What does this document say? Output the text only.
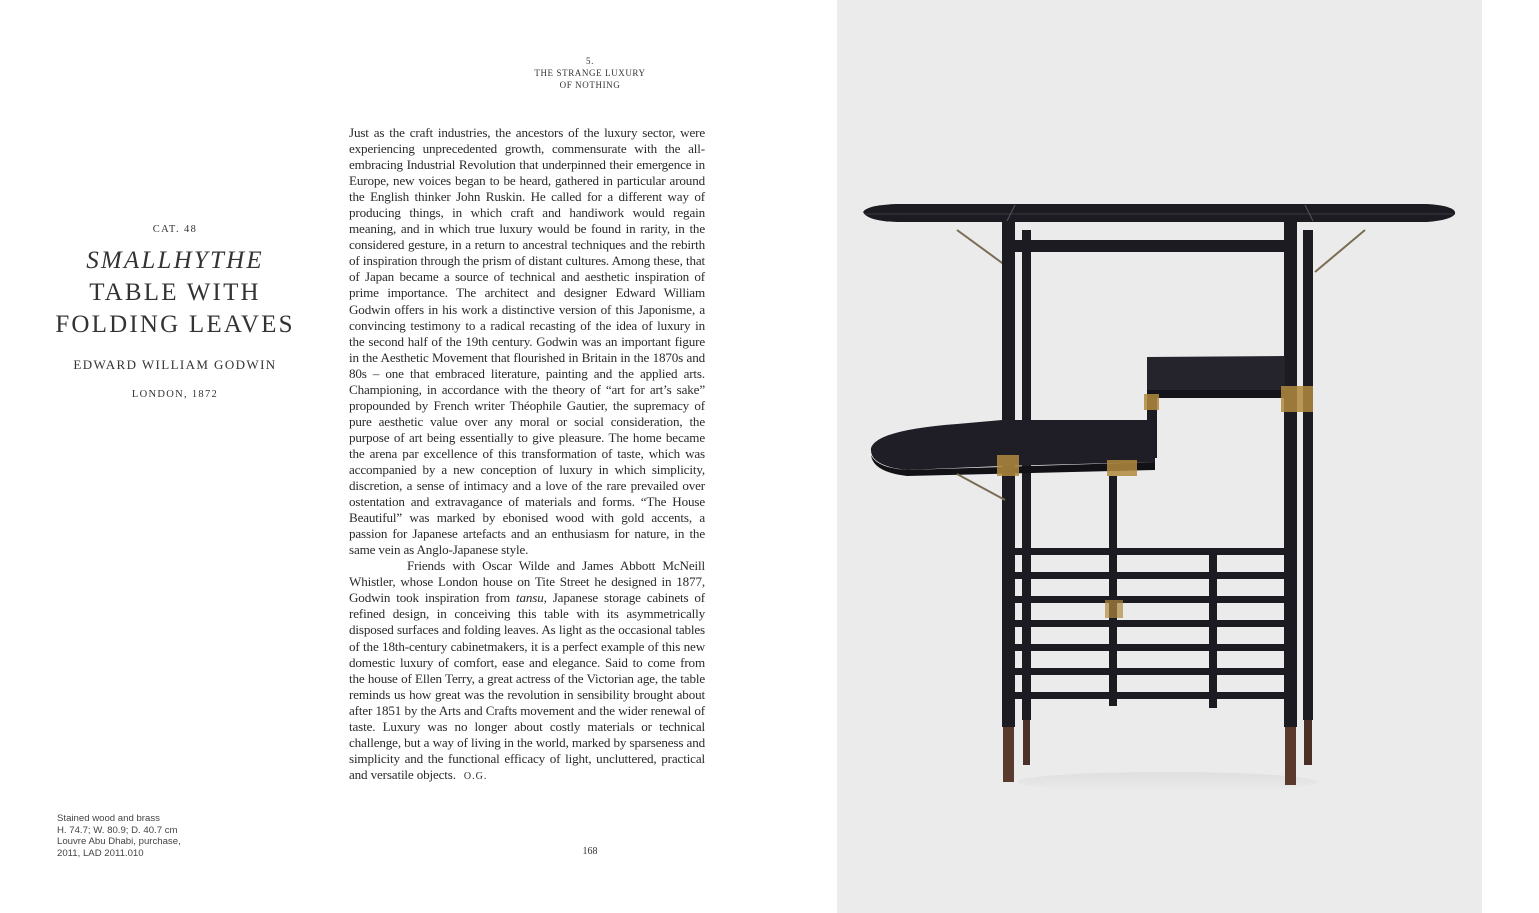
5.
THE STRANGE LUXURY
OF NOTHING
CAT. 48
SMALLHYTHE
TABLE WITH
FOLDING LEAVES
EDWARD WILLIAM GODWIN
LONDON, 1872

Just as the craft industries, the ancestors of the luxury sector, were experiencing unprecedented growth, commensurate with the all-embracing Industrial Revolution that underpinned their emergence in Europe, new voices began to be heard, gathered in particular around the English thinker John Ruskin. He called for a different way of producing things, in which craft and handiwork would regain meaning, and in which true luxury would be found in rarity, in the considered gesture, in a return to ancestral techniques and the rebirth of inspiration through the prism of distant cultures. Among these, that of Japan became a source of technical and aesthetic inspiration of prime importance. The architect and designer Edward William Godwin offers in his work a distinctive version of this Japonisme, a convincing testimony to a radical recasting of the idea of luxury in the second half of the 19th century. Godwin was an important figure in the Aesthetic Movement that flourished in Britain in the 1870s and 80s – one that embraced literature, painting and the applied arts. Championing, in accordance with the theory of “art for art’s sake” propounded by French writer Théophile Gautier, the supremacy of pure aesthetic value over any moral or social consideration, the purpose of art being essentially to give pleasure. The home became the arena par excellence of this transformation of taste, which was accompanied by a new conception of luxury in which simplicity, discretion, a sense of intimacy and a love of the rare prevailed over ostentation and extravagance of materials and forms. “The House Beautiful” was marked by ebonised wood with gold accents, a passion for Japanese artefacts and an enthusiasm for nature, in the same vein as Anglo-Japanese style.

Friends with Oscar Wilde and James Abbott McNeill Whistler, whose London house on Tite Street he designed in 1877, Godwin took inspiration from tansu, Japanese storage cabinets of refined design, in conceiving this table with its asymmetrically disposed surfaces and folding leaves. As light as the occasional tables of the 18th-century cabinetmakers, it is a perfect example of this new domestic luxury of comfort, ease and elegance. Said to come from the house of Ellen Terry, a great actress of the Victorian age, the table reminds us how great was the revolution in sensibility brought about after 1851 by the Arts and Crafts movement and the wider renewal of taste. Luxury was no longer about costly materials or technical challenge, but a way of living in the world, marked by sparseness and simplicity and the functional efficacy of light, uncluttered, practical and versatile objects. O.G.

Stained wood and brass
H. 74.7; W. 80.9; D. 40.7 cm
Louvre Abu Dhabi, purchase,
2011, LAD 2011.010	168
